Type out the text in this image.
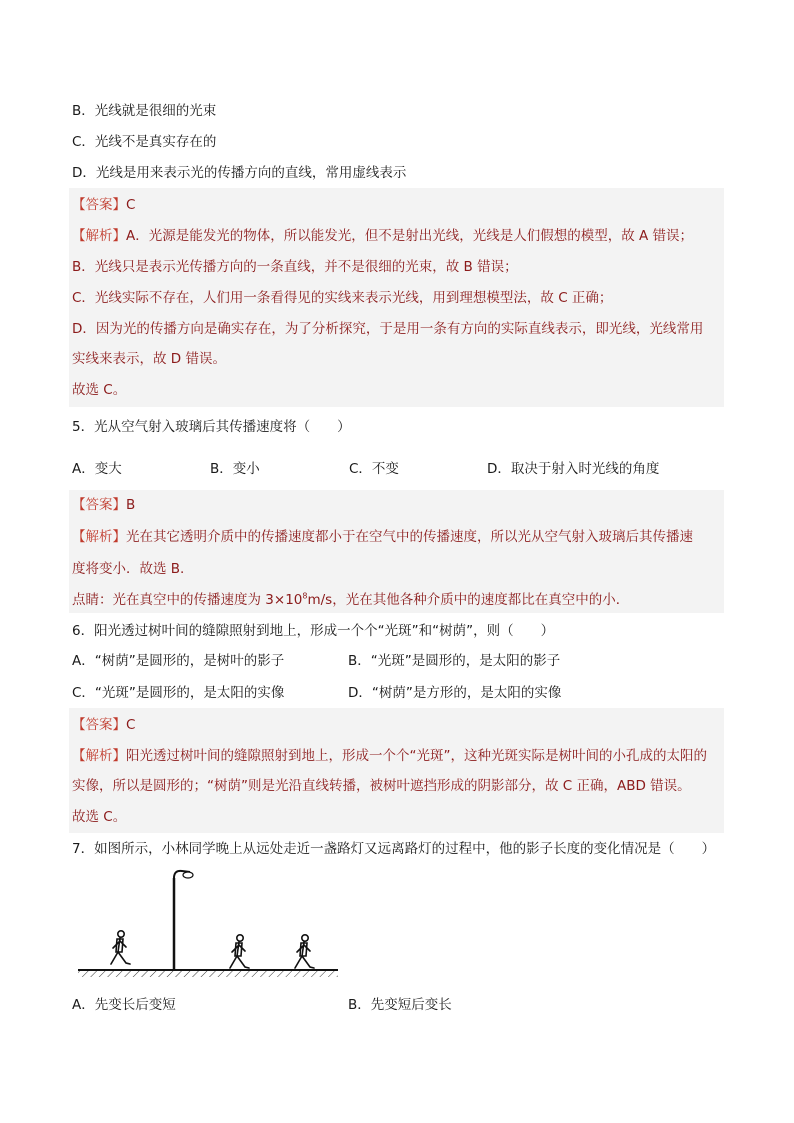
B．光线就是很细的光束
C．光线不是真实存在的
D．光线是用来表示光的传播方向的直线，常用虚线表示
【答案】C
【解析】A．光源是能发光的物体，所以能发光，但不是射出光线，光线是人们假想的模型，故 A 错误；
B．光线只是表示光传播方向的一条直线，并不是很细的光束，故 B 错误；
C．光线实际不存在，人们用一条看得见的实线来表示光线，用到理想模型法，故 C 正确；
D．因为光的传播方向是确实存在，为了分析探究，于是用一条有方向的实际直线表示，即光线，光线常用
实线来表示，故 D 错误。
故选 C。
5．光从空气射入玻璃后其传播速度将（　　）
A．变大	B．变小	C．不变	D．取决于射入时光线的角度
【答案】B
【解析】光在其它透明介质中的传播速度都小于在空气中的传播速度，所以光从空气射入玻璃后其传播速
度将变小．故选 B.
点睛：光在真空中的传播速度为 $3\times 10^8m/s$，光在其他各种介质中的速度都比在真空中的小．
6．阳光透过树叶间的缝隙照射到地上，形成一个个“光斑”和“树荫”，则（　　）
A．“树荫”是圆形的，是树叶的影子	B．“光斑”是圆形的，是太阳的影子
C．“光斑”是圆形的，是太阳的实像	D．“树荫”是方形的，是太阳的实像
【答案】C
【解析】阳光透过树叶间的缝隙照射到地上，形成一个个“光斑”，这种光斑实际是树叶间的小孔成的太阳的
实像，所以是圆形的；“树荫”则是光沿直线转播，被树叶遮挡形成的阴影部分，故 C 正确，ABD 错误。
故选 C。
7．如图所示，小林同学晚上从远处走近一盏路灯又远离路灯的过程中，他的影子长度的变化情况是（　　）
A．先变长后变短	B．先变短后变长
